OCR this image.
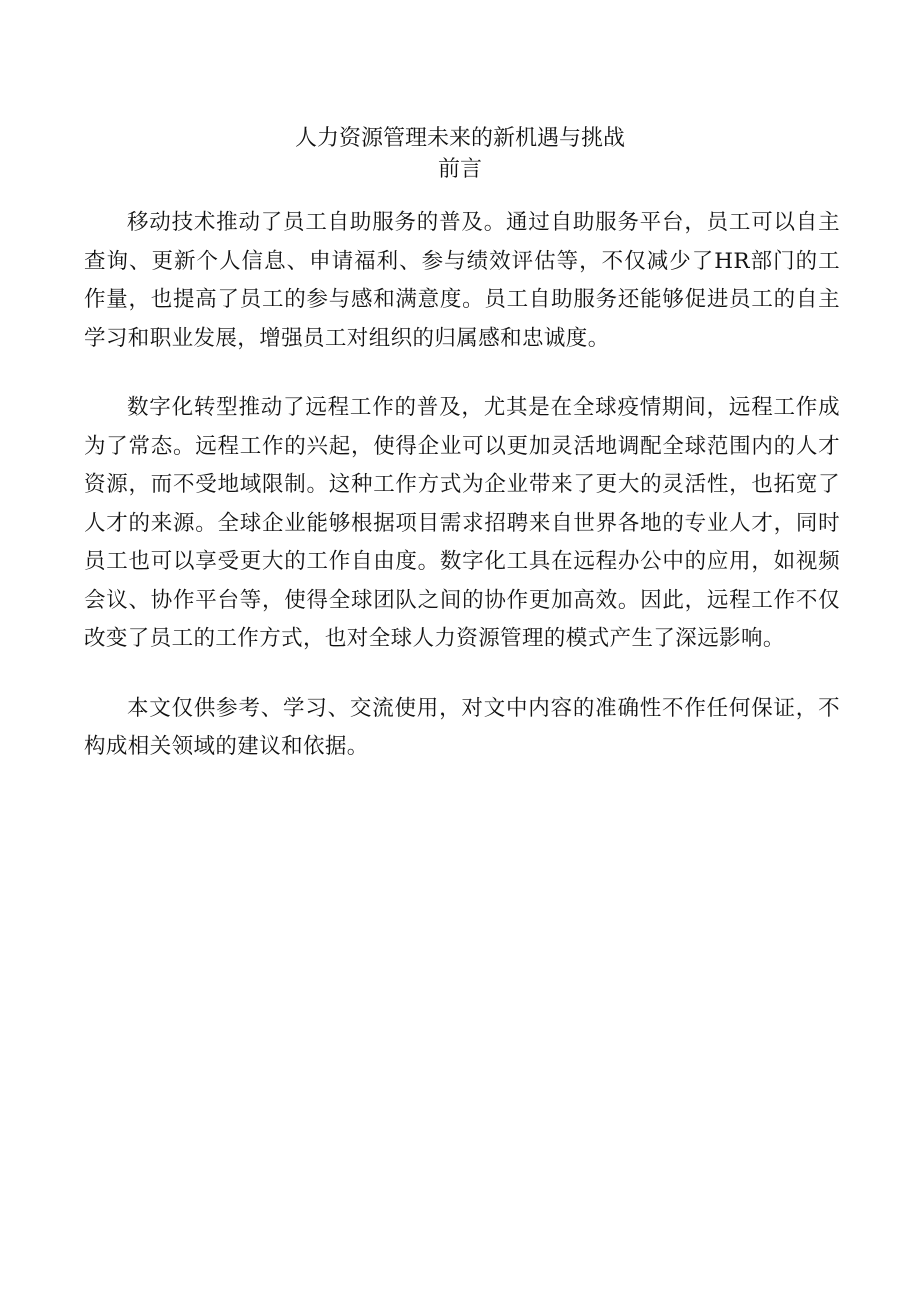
人力资源管理未来的新机遇与挑战
前言

移动技术推动了员工自助服务的普及。通过自助服务平台，员工可以自主查询、更新个人信息、申请福利、参与绩效评估等，不仅减少了HR部门的工作量，也提高了员工的参与感和满意度。员工自助服务还能够促进员工的自主学习和职业发展，增强员工对组织的归属感和忠诚度。

数字化转型推动了远程工作的普及，尤其是在全球疫情期间，远程工作成为了常态。远程工作的兴起，使得企业可以更加灵活地调配全球范围内的人才资源，而不受地域限制。这种工作方式为企业带来了更大的灵活性，也拓宽了人才的来源。全球企业能够根据项目需求招聘来自世界各地的专业人才，同时员工也可以享受更大的工作自由度。数字化工具在远程办公中的应用，如视频会议、协作平台等，使得全球团队之间的协作更加高效。因此，远程工作不仅改变了员工的工作方式，也对全球人力资源管理的模式产生了深远影响。

本文仅供参考、学习、交流使用，对文中内容的准确性不作任何保证，不构成相关领域的建议和依据。
